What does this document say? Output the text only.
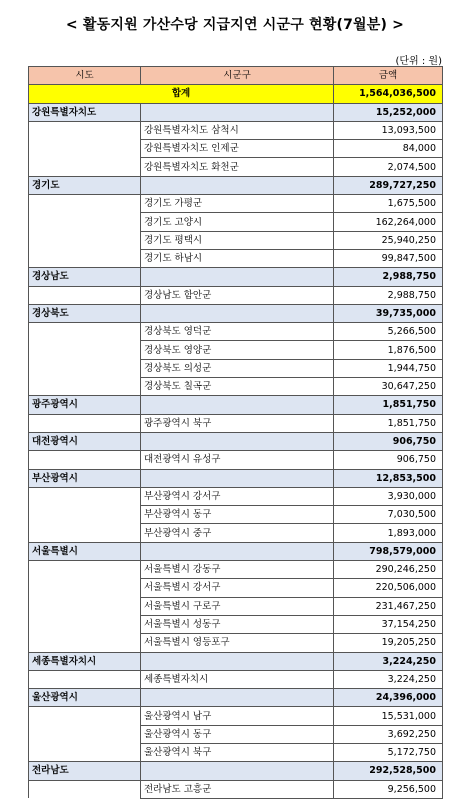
< 활동지원 가산수당 지급지연 시군구 현황(7월분) >
(단위 : 원)
시도	시군구	금액
합계		1,564,036,500
강원특별자치도		15,252,000
	강원특별자치도 삼척시	13,093,500
	강원특별자치도 인제군	84,000
	강원특별자치도 화천군	2,074,500
경기도		289,727,250
	경기도 가평군	1,675,500
	경기도 고양시	162,264,000
	경기도 평택시	25,940,250
	경기도 하남시	99,847,500
경상남도		2,988,750
	경상남도 함안군	2,988,750
경상북도		39,735,000
	경상북도 영덕군	5,266,500
	경상북도 영양군	1,876,500
	경상북도 의성군	1,944,750
	경상북도 칠곡군	30,647,250
광주광역시		1,851,750
	광주광역시 북구	1,851,750
대전광역시		906,750
	대전광역시 유성구	906,750
부산광역시		12,853,500
	부산광역시 강서구	3,930,000
	부산광역시 동구	7,030,500
	부산광역시 중구	1,893,000
서울특별시		798,579,000
	서울특별시 강동구	290,246,250
	서울특별시 강서구	220,506,000
	서울특별시 구로구	231,467,250
	서울특별시 성동구	37,154,250
	서울특별시 영등포구	19,205,250
세종특별자치시		3,224,250
	세종특별자치시	3,224,250
울산광역시		24,396,000
	울산광역시 남구	15,531,000
	울산광역시 동구	3,692,250
	울산광역시 북구	5,172,750
전라남도		292,528,500
	전라남도 고흥군	9,256,500
